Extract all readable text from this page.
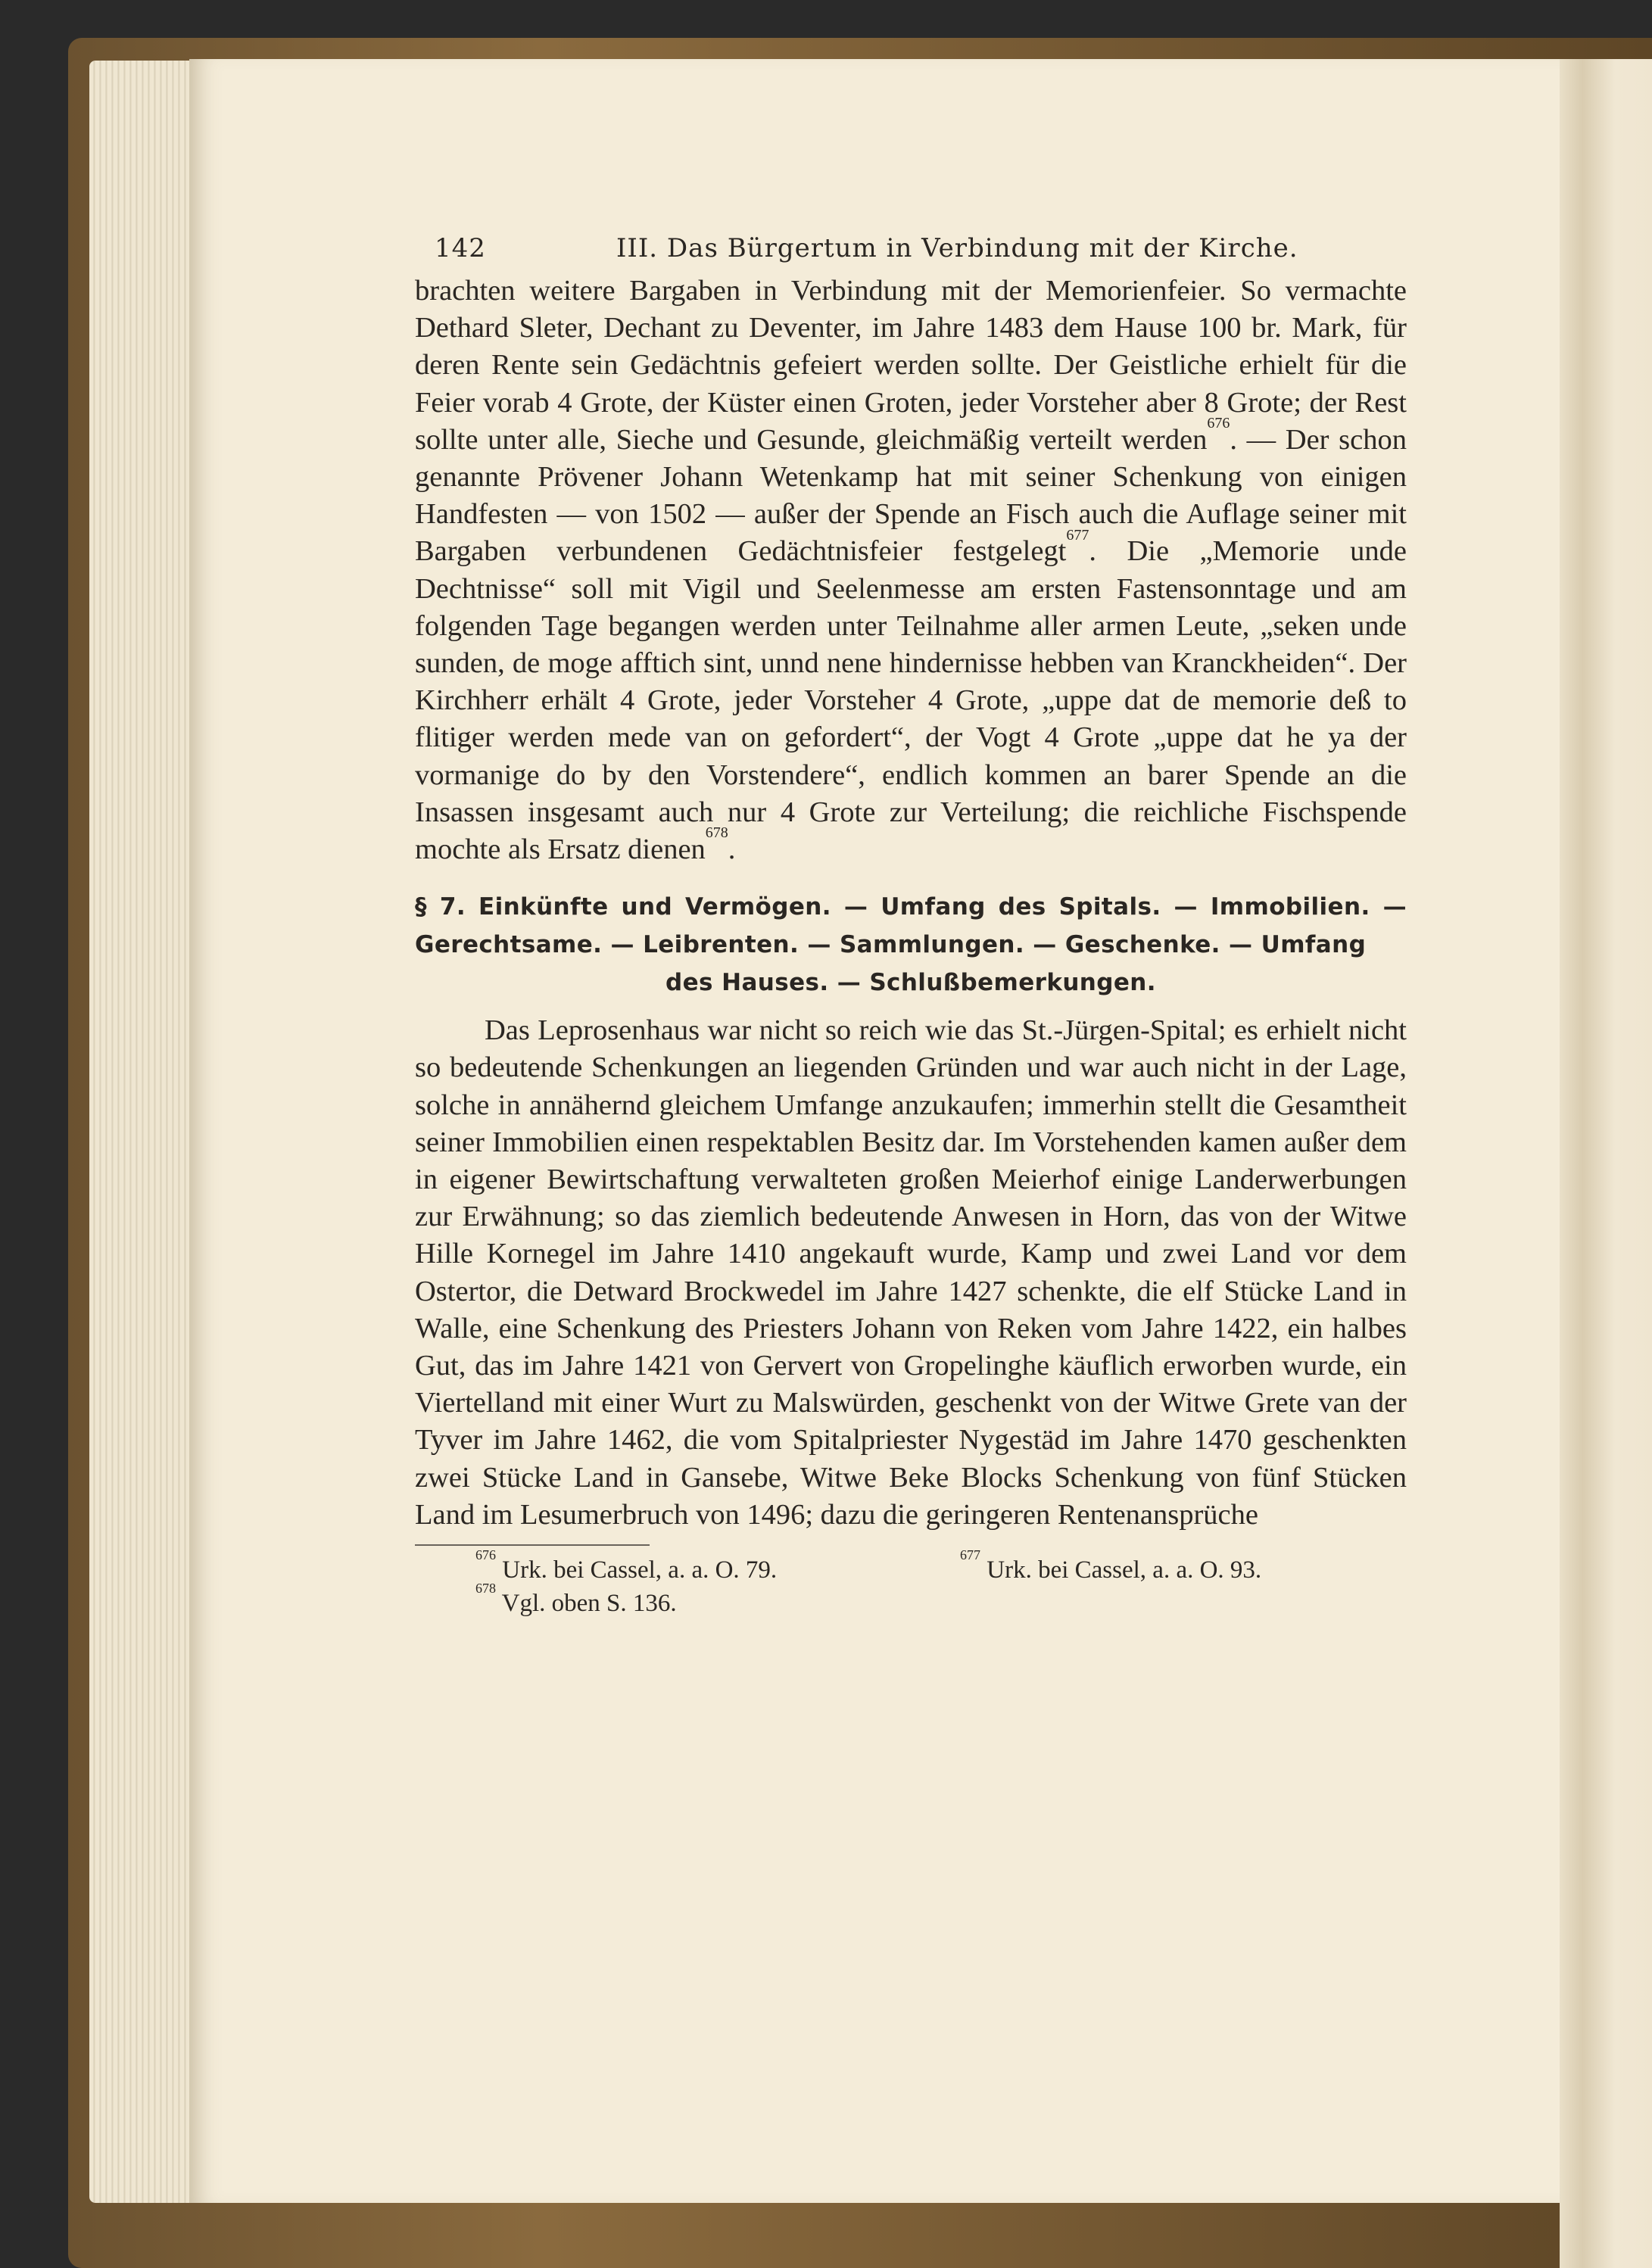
142	III. Das Bürgertum in Verbindung mit der Kirche.

brachten weitere Bargaben in Verbindung mit der Memorienfeier. So vermachte Dethard Sleter, Dechant zu Deventer, im Jahre 1483 dem Hause 100 br. Mark, für deren Rente sein Gedächtnis gefeiert werden sollte. Der Geistliche erhielt für die Feier vorab 4 Grote, der Küster einen Groten, jeder Vorsteher aber 8 Grote; der Rest sollte unter alle, Sieche und Gesunde, gleichmäßig verteilt werden$^{676}$. — Der schon genannte Prövener Johann Wetenkamp hat mit seiner Schenkung von einigen Handfesten — von 1502 — außer der Spende an Fisch auch die Auflage seiner mit Bargaben verbundenen Gedächtnisfeier festgelegt$^{677}$. Die „Memorie unde Dechtnisse“ soll mit Vigil und Seelenmesse am ersten Fastensonntage und am folgenden Tage begangen werden unter Teilnahme aller armen Leute, „seken unde sunden, de moge afftich sint, unnd nene hindernisse hebben van Kranckheiden“. Der Kirchherr erhält 4 Grote, jeder Vorsteher 4 Grote, „uppe dat de memorie deß to flitiger werden mede van on gefordert“, der Vogt 4 Grote „uppe dat he ya der vormanige do by den Vorstendere“, endlich kommen an barer Spende an die Insassen insgesamt auch nur 4 Grote zur Verteilung; die reichliche Fischspende mochte als Ersatz dienen$^{678}$.

§ 7. Einkünfte und Vermögen. — Umfang des Spitals. — Immobilien. — Gerechtsame. — Leibrenten. — Sammlungen. — Geschenke. — Umfang
des Hauses. — Schlußbemerkungen.

Das Leprosenhaus war nicht so reich wie das St.-Jürgen-Spital; es erhielt nicht so bedeutende Schenkungen an liegenden Gründen und war auch nicht in der Lage, solche in annähernd gleichem Umfange anzukaufen; immerhin stellt die Gesamtheit seiner Immobilien einen respektablen Besitz dar. Im Vorstehenden kamen außer dem in eigener Bewirtschaftung verwalteten großen Meierhof einige Landerwerbungen zur Erwähnung; so das ziemlich bedeutende Anwesen in Horn, das von der Witwe Hille Kornegel im Jahre 1410 angekauft wurde, Kamp und zwei Land vor dem Ostertor, die Detward Brockwedel im Jahre 1427 schenkte, die elf Stücke Land in Walle, eine Schenkung des Priesters Johann von Reken vom Jahre 1422, ein halbes Gut, das im Jahre 1421 von Gervert von Gropelinghe käuflich erworben wurde, ein Viertelland mit einer Wurt zu Malswürden, geschenkt von der Witwe Grete van der Tyver im Jahre 1462, die vom Spitalpriester Nygestäd im Jahre 1470 geschenkten zwei Stücke Land in Gansebe, Witwe Beke Blocks Schenkung von fünf Stücken Land im Lesumerbruch von 1496; dazu die geringeren Rentenansprüche

$^{676}$ Urk. bei Cassel, a. a. O. 79.
$^{677}$ Urk. bei Cassel, a. a. O. 93.
$^{678}$ Vgl. oben S. 136.
